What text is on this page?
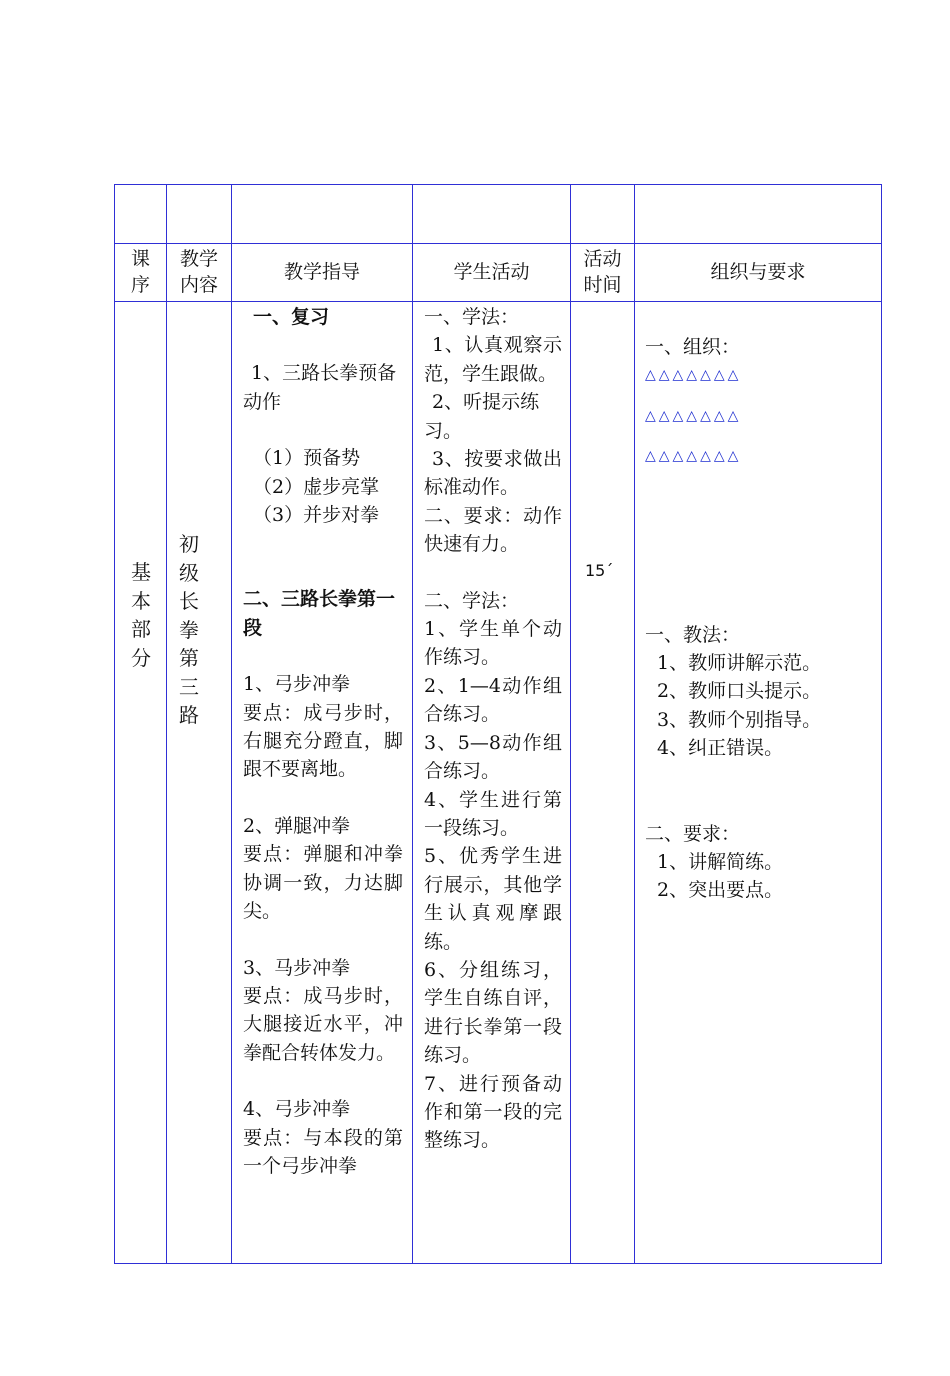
课
序
教学
内容
教学指导	学生活动
活动
时间
组织与要求
基
本
部
分
初
级
长
拳
第
三
路

一、复习

1、三路长拳预备动作

（1）预备势

（2）虚步亮掌

（3）并步对拳

二、三路长拳第一段

1、弓步冲拳

要点：成弓步时，右腿充分蹬直，脚跟不要离地。

2、弹腿冲拳

要点：弹腿和冲拳协调一致，力达脚尖。

3、马步冲拳

要点：成马步时，大腿接近水平，冲拳配合转体发力。

4、弓步冲拳

要点：与本段的第一个弓步冲拳

一、学法：

1、认真观察示范，学生跟做。

2、听提示练习。

3、按要求做出标准动作。

二、要求：动作快速有力。

二、学法：

1、学生单个动作练习。

2、1—4动作组合练习。

3、5—8动作组合练习。

4、学生进行第一段练习。

5、优秀学生进行展示，其他学生认真观摩跟练。

6、分组练习，学生自练自评，进行长拳第一段练习。

7、进行预备动作和第一段的完整练习。

15´

一、组织：

△△△△△△△

△△△△△△△

△△△△△△△

一、教法：

1、教师讲解示范。

2、教师口头提示。

3、教师个别指导。

4、纠正错误。

二、要求：

1、讲解简练。

2、突出要点。
